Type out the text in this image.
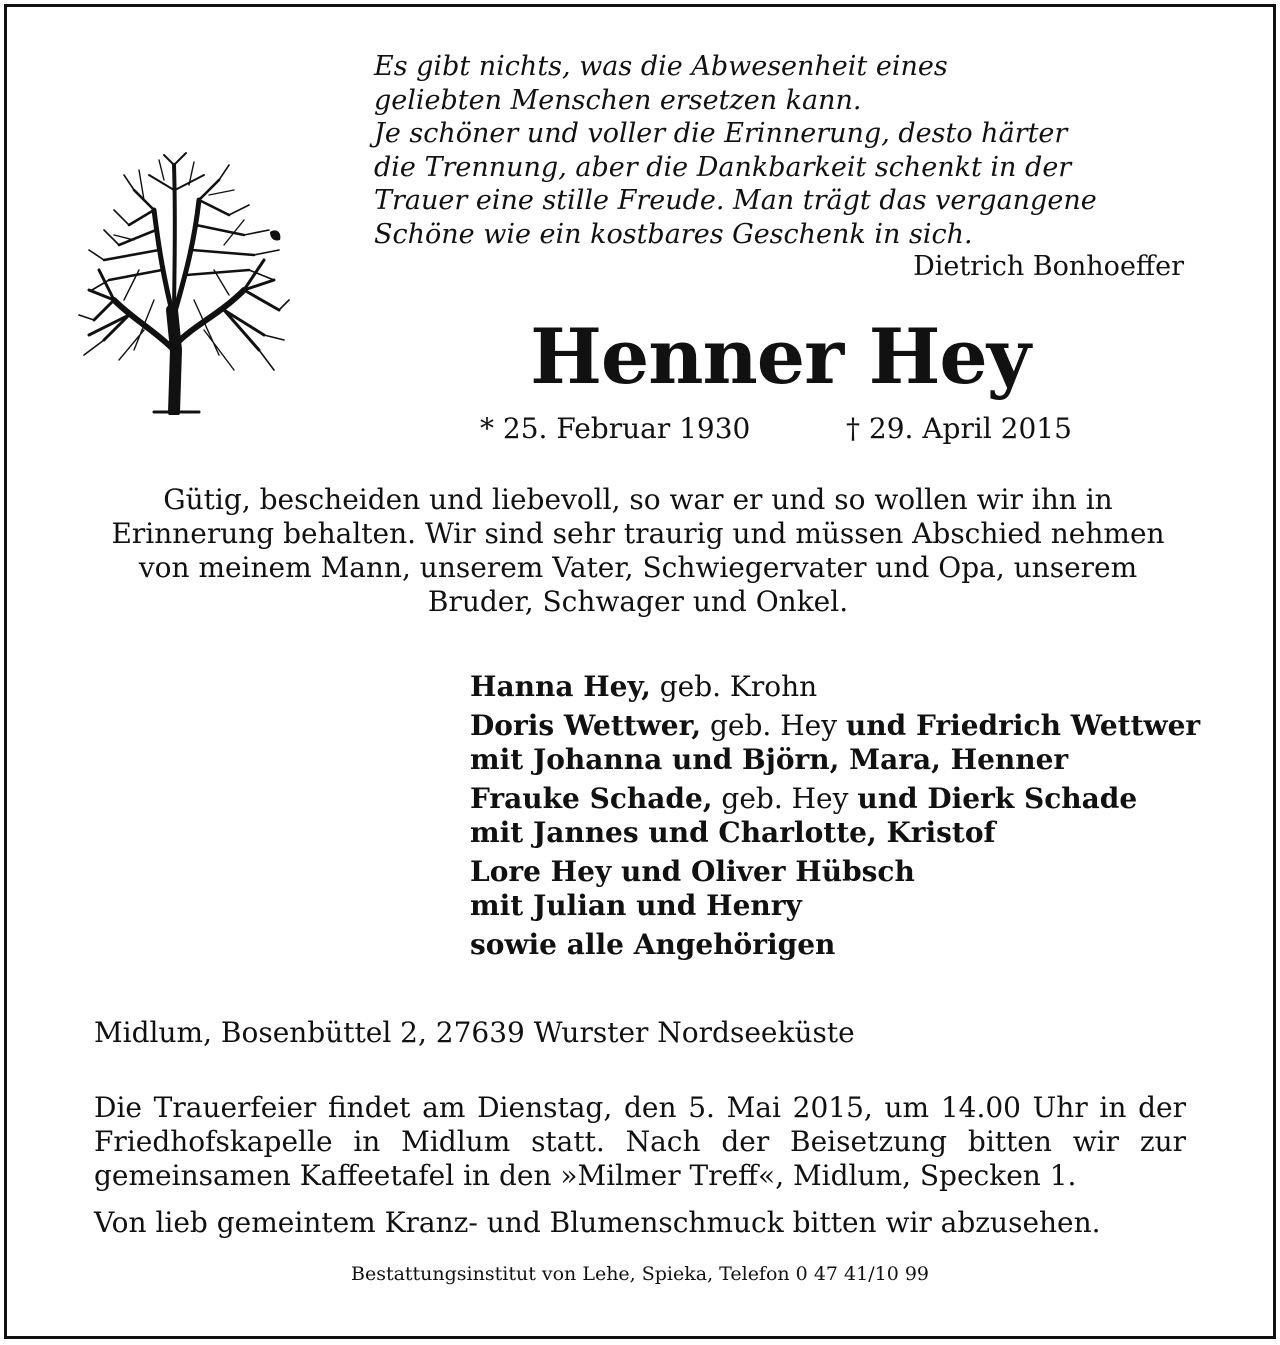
Es gibt nichts, was die Abwesenheit eines
geliebten Menschen ersetzen kann.
Je schöner und voller die Erinnerung, desto härter
die Trennung, aber die Dankbarkeit schenkt in der
Trauer eine stille Freude. Man trägt das vergangene
Schöne wie ein kostbares Geschenk in sich.
Dietrich Bonhoeffer
Henner Hey
* 25. Februar 1930	† 29. April 2015
Gütig, bescheiden und liebevoll, so war er und so wollen wir ihn in Erinnerung behalten. Wir sind sehr traurig und müssen Abschied nehmen von meinem Mann, unserem Vater, Schwiegervater und Opa, unserem Bruder, Schwager und Onkel.
Hanna Hey, geb. Krohn
Doris Wettwer, geb. Hey und Friedrich Wettwer
mit Johanna und Björn, Mara, Henner
Frauke Schade, geb. Hey und Dierk Schade
mit Jannes und Charlotte, Kristof
Lore Hey und Oliver Hübsch
mit Julian und Henry
sowie alle Angehörigen
Midlum, Bosenbüttel 2, 27639 Wurster Nordseeküste
Die Trauerfeier findet am Dienstag, den 5. Mai 2015, um 14.00 Uhr in der Friedhofskapelle in Midlum statt. Nach der Beisetzung bitten wir zur gemeinsamen Kaffeetafel in den »Milmer Treff«, Midlum, Specken 1.
Von lieb gemeintem Kranz- und Blumenschmuck bitten wir abzusehen.
Bestattungsinstitut von Lehe, Spieka, Telefon 0 47 41/10 99
